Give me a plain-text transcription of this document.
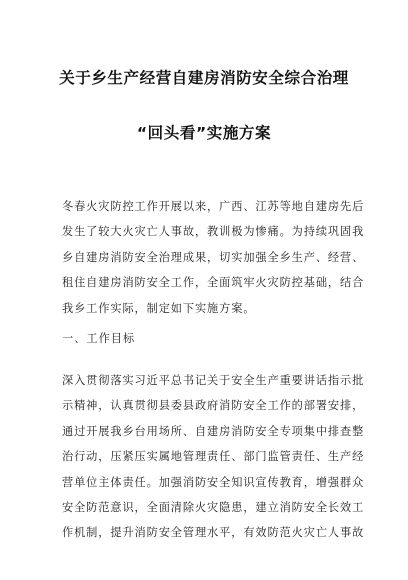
关于乡生产经营自建房消防安全综合治理
“回头看”实施方案

冬春火灾防控工作开展以来，广西、江苏等地自建房先后
发生了较大火灾亡人事故，教训极为惨痛。为持续巩固我
乡自建房消防安全治理成果，切实加强全乡生产、经营、
租住自建房消防安全工作，全面筑牢火灾防控基础，结合
我乡工作实际，制定如下实施方案。

一、工作目标

深入贯彻落实习近平总书记关于安全生产重要讲话指示批
示精神，认真贯彻县委县政府消防安全工作的部署安排，
通过开展我乡台用场所、自建房消防安全专项集中排查整
治行动，压紧压实属地管理责任、部门监管责任、生产经
营单位主体责任。加强消防安全知识宣传教育，增强群众
安全防范意识，全面清除火灾隐患，建立消防安全长效工
作机制，提升消防安全管理水平，有效防范火灾亡人事故
